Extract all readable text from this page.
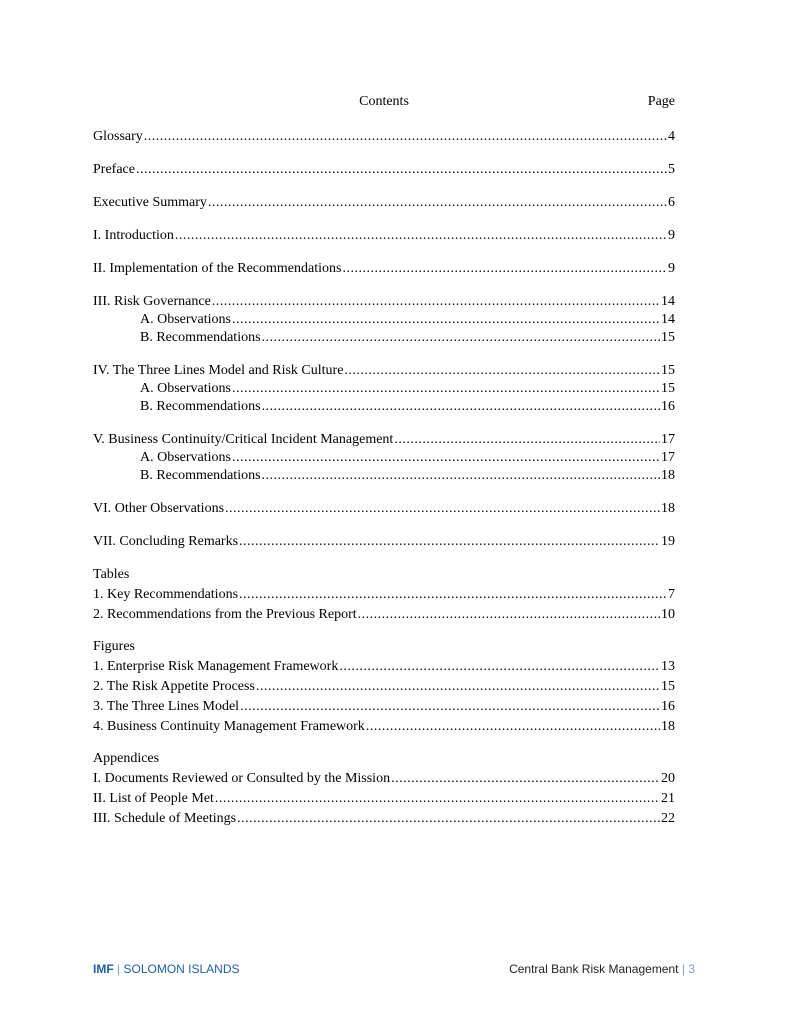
Contents	Page
Glossary .....	4
Preface .....	5
Executive Summary .....	6
I. Introduction .....	9
II. Implementation of the Recommendations .....	9
III. Risk Governance .....	14
A. Observations .....	14
B. Recommendations .....	15
IV. The Three Lines Model and Risk Culture .....	15
A. Observations .....	15
B. Recommendations .....	16
V. Business Continuity/Critical Incident Management .....	17
A. Observations .....	17
B. Recommendations .....	18
VI. Other Observations .....	18
VII. Concluding Remarks .....	19
Tables
1. Key Recommendations .....	7
2. Recommendations from the Previous Report .....	10
Figures
1. Enterprise Risk Management Framework .....	13
2. The Risk Appetite Process .....	15
3. The Three Lines Model .....	16
4. Business Continuity Management Framework .....	18
Appendices
I. Documents Reviewed or Consulted by the Mission .....	20
II. List of People Met .....	21
III. Schedule of Meetings .....	22
IMF | SOLOMON ISLANDS	Central Bank Risk Management | 3
